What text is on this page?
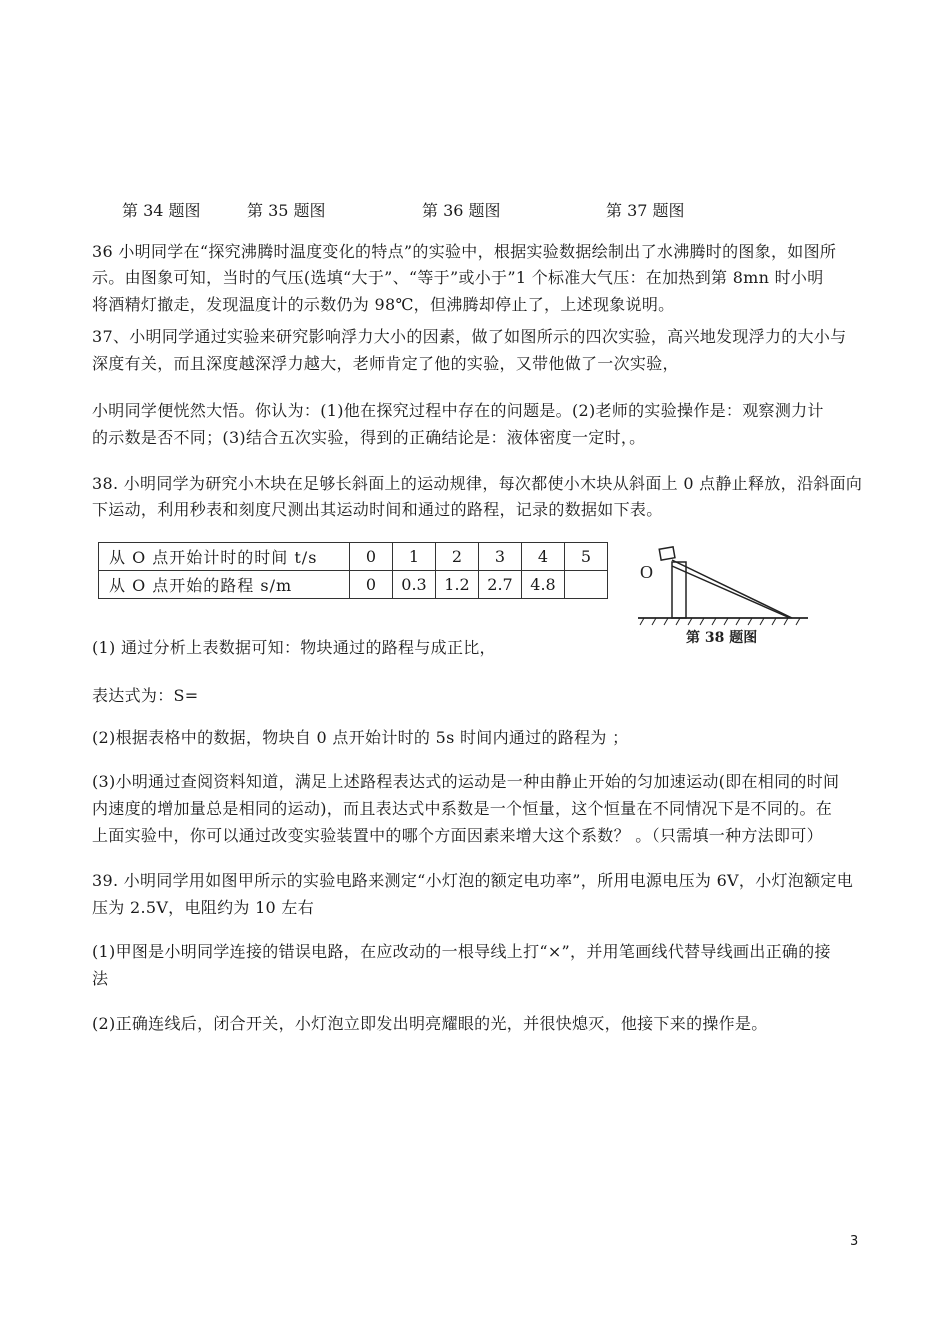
第 34 题图	第 35 题图	第 36 题图	第 37 题图
36 小明同学在“探究沸腾时温度变化的特点”的实验中，根据实验数据绘制出了水沸腾时的图象，如图所
示。由图象可知，当时的气压(选填“大于”、“等于”或小于”1 个标准大气压：在加热到第 8mn 时小明
将酒精灯撤走，发现温度计的示数仍为 98℃，但沸腾却停止了，上述现象说明。
37、小明同学通过实验来研究影响浮力大小的因素，做了如图所示的四次实验，高兴地发现浮力的大小与
深度有关，而且深度越深浮力越大，老师肯定了他的实验，又带他做了一次实验，
小明同学便恍然大悟。你认为：(1)他在探究过程中存在的问题是。(2)老师的实验操作是：观察测力计
的示数是否不同；(3)结合五次实验，得到的正确结论是：液体密度一定时，。
38. 小明同学为研究小木块在足够长斜面上的运动规律，每次都使小木块从斜面上 0 点静止释放，沿斜面向
下运动，利用秒表和刻度尺测出其运动时间和通过的路程，记录的数据如下表。
从 O 点开始计时的时间 t/s	0	1	2	3	4	5
从 O 点开始的路程 s/m	0	0.3	1.2	2.7	4.8	
O
第 38 题图
(1) 通过分析上表数据可知：物块通过的路程与成正比，
表达式为：S=
(2)根据表格中的数据，物块自 0 点开始计时的 5s 时间内通过的路程为 ；
(3)小明通过查阅资料知道，满足上述路程表达式的运动是一种由静止开始的匀加速运动(即在相同的时间
内速度的增加量总是相同的运动)，而且表达式中系数是一个恒量，这个恒量在不同情况下是不同的。在
上面实验中，你可以通过改变实验装置中的哪个方面因素来增大这个系数？ 。（只需填一种方法即可）
39. 小明同学用如图甲所示的实验电路来测定“小灯泡的额定电功率”，所用电源电压为 6V，小灯泡额定电
压为 2.5V，电阻约为 10 左右
(1)甲图是小明同学连接的错误电路，在应改动的一根导线上打“×”，并用笔画线代替导线画出正确的接
法
(2)正确连线后，闭合开关，小灯泡立即发出明亮耀眼的光，并很快熄灭，他接下来的操作是。
3
